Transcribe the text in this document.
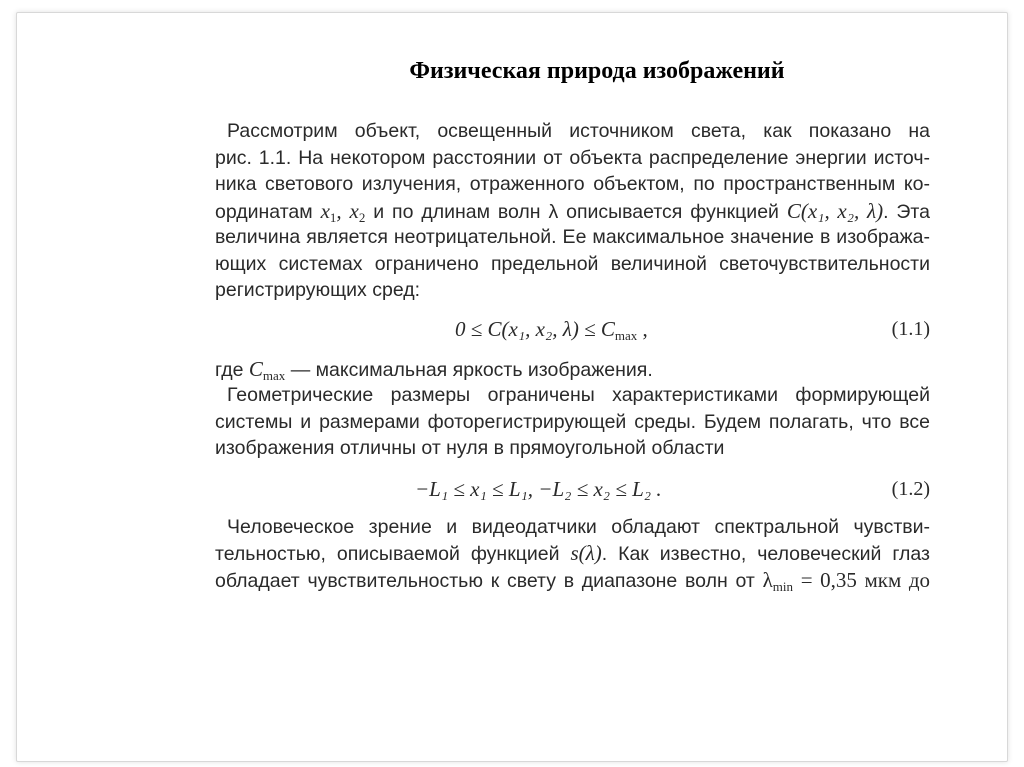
Физическая природа изображений
Рассмотрим объект, освещенный источником света, как показано на
рис. 1.1. На некотором расстоянии от объекта распределение энергии источ-
ника светового излучения, отраженного объектом, по пространственным ко-
ординатам $x_1$, $x_2$ и по длинам волн λ описывается функцией C(x₁, x₂, λ). Эта
величина является неотрицательной. Ее максимальное значение в изобража-
ющих системах ограничено предельной величиной светочувствительности
регистрирующих сред:
0 ≤ C(x₁, x₂, $\lambda) \le C_{max}$ ,	(1.1)
где $C_{max}$ — максимальная яркость изображения.
Геометрические размеры ограничены характеристиками формирующей
системы и размерами фоторегистрирующей среды. Будем полагать, что все
изображения отличны от нуля в прямоугольной области
−L₁ ≤ x₁ ≤ L₁, −L₂ ≤ x₂ ≤ L₂ .	(1.2)
Человеческое зрение и видеодатчики обладают спектральной чувстви-
тельностью, описываемой функцией s(λ). Как известно, человеческий глаз
обладает чувствительностью к свету в диапазоне волн от $\lambda_{min} = 0,35$ мкм до
